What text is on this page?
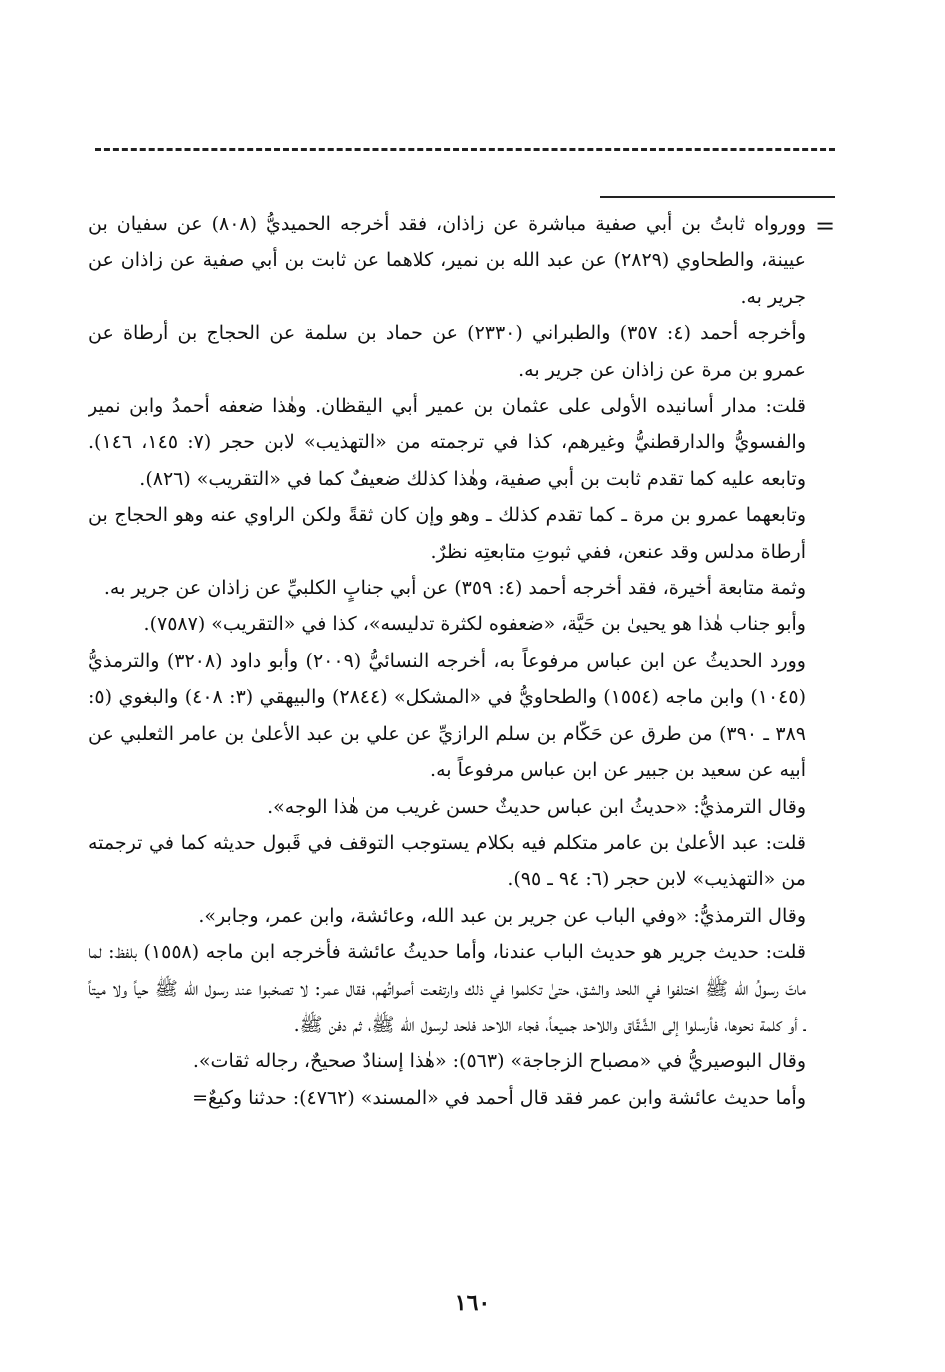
=

وورواه ثابتُ بن أبي صفية مباشرة عن زاذان، فقد أخرجه الحميديُّ (٨٠٨) عن سفيان بن عيينة، والطحاوي (٢٨٢٩) عن عبد الله بن نمير، كلاهما عن ثابت بن أبي صفية عن زاذان عن جرير به.

وأخرجه أحمد (٤: ٣٥٧) والطبراني (٢٣٣٠) عن حماد بن سلمة عن الحجاج بن أرطاة عن عمرو بن مرة عن زاذان عن جرير به.

قلت: مدار أسانيده الأولى على عثمان بن عمير أبي اليقظان. وهٰذا ضعفه أحمدُ وابن نمير والفسويُّ والدارقطنيُّ وغيرهم، كذا في ترجمته من «التهذيب» لابن حجر (٧: ١٤٥، ١٤٦). وتابعه عليه كما تقدم ثابت بن أبي صفية، وهٰذا كذلك ضعيفٌ كما في «التقريب» (٨٢٦).

وتابعهما عمرو بن مرة ـ كما تقدم كذلك ـ وهو وإن كان ثقةً ولكن الراوي عنه وهو الحجاج بن أرطاة مدلس وقد عنعن، ففي ثبوتِ متابعتِه نظرٌ.

وثمة متابعة أخيرة، فقد أخرجه أحمد (٤: ٣٥٩) عن أبي جنابٍ الكلبيِّ عن زاذان عن جرير به.

وأبو جناب هٰذا هو يحيىٰ بن حَيَّة، «ضعفوه لكثرة تدليسه»، كذا في «التقريب» (٧٥٨٧).

وورد الحديثُ عن ابن عباس مرفوعاً به، أخرجه النسائيُّ (٢٠٠٩) وأبو داود (٣٢٠٨) والترمذيُّ (١٠٤٥) وابن ماجه (١٥٥٤) والطحاويُّ في «المشكل» (٢٨٤٤) والبيهقي (٣: ٤٠٨) والبغوي (٥: ٣٨٩ ـ ٣٩٠) من طرق عن حَكّام بن سلم الرازيِّ عن علي بن عبد الأعلىٰ بن عامر الثعلبي عن أبيه عن سعيد بن جبير عن ابن عباس مرفوعاً به.

وقال الترمذيُّ: «حديثُ ابن عباس حديثٌ حسن غريب من هٰذا الوجه».

قلت: عبد الأعلىٰ بن عامر متكلم فيه بكلام يستوجب التوقف في قَبول حديثه كما في ترجمته من «التهذيب» لابن حجر (٦: ٩٤ ـ ٩٥).

وقال الترمذيُّ: «وفي الباب عن جرير بن عبد الله، وعائشة، وابن عمر، وجابر».

قلت: حديث جرير هو حديث الباب عندنا، وأما حديثُ عائشة فأخرجه ابن ماجه (١٥٥٨) بلفظ: لما ماتَ رسولُ الله ﷺ اختلفوا في اللحد والشق، حتىٰ تكلموا في ذلك وارتفعت أصواتُهم، فقال عمر: لا تصخبوا عند رسول الله ﷺ حياً ولا ميتاً ـ أو كلمة نحوها، فأرسلوا إلى الشَّقّاق واللاحد جميعاً، فجاء اللاحد فلحد لرسول الله ﷺ، ثم دفن ﷺ.

وقال البوصيريُّ في «مصباح الزجاجة» (٥٦٣): «هٰذا إسنادٌ صحيحٌ، رجاله ثقات».

وأما حديث عائشة وابن عمر فقد قال أحمد في «المسند» (٤٧٦٢): حدثنا وكيعٌ=

١٦٠
